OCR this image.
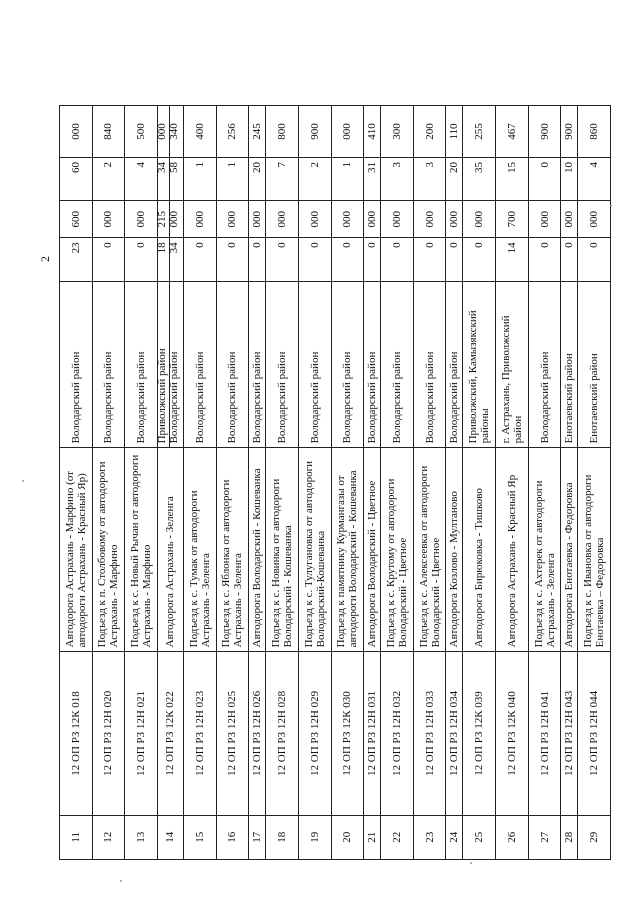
2
11	12 ОП РЗ 12К 018	Автодорога Астрахань - Марфино (от автодороги Астрахань - Красный Яр)	Володарский район	23	600	60	000
12	12 ОП РЗ 12Н 020	Подъезд к п. Столбовому от автодороги Астрахань - Марфино	Володарский район	0	000	2	840
13	12 ОП РЗ 12Н 021	Подъезд к с. Новый Рычан от автодороги Астрахань - Марфино	Володарский район	0	000	4	500
14	12 ОП РЗ 12К 022	Автодорога Астрахань - Зеленга	Приволжский район Володарский район	18 34	215 000	34 58	000 340

15	12 ОП РЗ 12Н 023	Подъезд к с. Тумак от автодороги Астрахань - Зеленга	Володарский район	0	000	1	400
16	12 ОП РЗ 12Н 025	Подъезд к с. Яблонка от автодороги Астрахань - Зеленга	Володарский район	0	000	1	256
17	12 ОП РЗ 12Н 026	Автодорога Володарский - Кошеванка	Володарский район	0	000	20	245
18	12 ОП РЗ 12Н 028	Подъезд к с. Новинка от автодороги Володарский - Кошеванка	Володарский район	0	000	7	800
19	12 ОП РЗ 12Н 029	Подъезд к с. Тулугановка от автодороги Володарский-Кошеванка	Володарский район	0	000	2	900
20	12 ОП РЗ 12К 030	Подъезд к памятнику Курмангазы от автодороги Володарский - Кошеванка	Володарский район	0	000	1	000
21	12 ОП РЗ 12Н 031	Автодорога Володарский - Цветное	Володарский район	0	000	31	410
22	12 ОП РЗ 12Н 032	Подъезд к с. Крутому от автодороги Володарский - Цветное	Володарский район	0	000	3	300
23	12 ОП РЗ 12Н 033	Подъезд к с. Алексеевка от автодороги Володарский - Цветное	Володарский район	0	000	3	200
24	12 ОП РЗ 12Н 034	Автодорога Козлово - Мултаново	Володарский район	0	000	20	110
25	12 ОП РЗ 12К 039	Автодорога Бирюковка - Тишково	Приволжский, Камызякский районы	0	000	35	255
26	12 ОП РЗ 12К 040	Автодорога Астрахань - Красный Яр	г. Астрахань, Приволжский район	14	700	15	467
27	12 ОП РЗ 12Н 041	Подъезд к с. Ахтерек от автодороги Астрахань - Зеленга	Володарский район	0	000	0	900
28	12 ОП РЗ 12Н 043	Автодорога Енотаевка - Федоровка	Енотаевский район	0	000	10	900
29	12 ОП РЗ 12Н 044	Подъезд к с. Ивановка от автодороги Енотаевка – Федоровка	Енотаевский район	0	000	4	860
